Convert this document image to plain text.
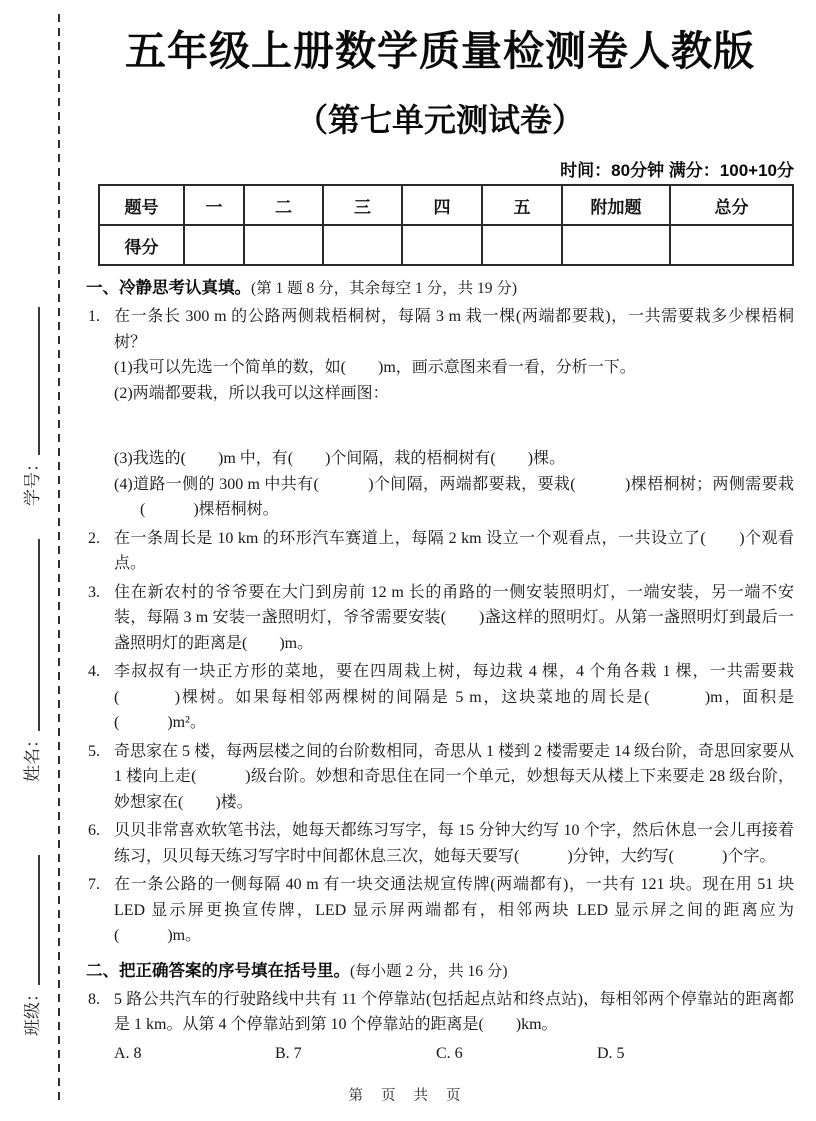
学号：
姓名：
班级：
五年级上册数学质量检测卷人教版
（第七单元测试卷）
时间：80分钟 满分：100+10分
题号	一	二	三	四	五	附加题	总分
得分							
一、冷静思考认真填。(第 1 题 8 分，其余每空 1 分，共 19 分)
1. 在一条长 300 m 的公路两侧栽梧桐树，每隔 3 m 栽一棵(两端都要栽)，一共需要栽多少棵梧桐树？
(1)我可以先选一个简单的数，如(　　)m，画示意图来看一看，分析一下。
(2)两端都要栽，所以我可以这样画图：
(3)我选的(　　)m 中，有(　　)个间隔，栽的梧桐树有(　　)棵。
(4)道路一侧的 300 m 中共有(　　　)个间隔，两端都要栽，要栽(　　　)棵梧桐树；两侧需要栽(　　　)棵梧桐树。
2. 在一条周长是 10 km 的环形汽车赛道上，每隔 2 km 设立一个观看点，一共设立了(　　)个观看点。
3. 住在新农村的爷爷要在大门到房前 12 m 长的甬路的一侧安装照明灯，一端安装，另一端不安装，每隔 3 m 安装一盏照明灯，爷爷需要安装(　　)盏这样的照明灯。从第一盏照明灯到最后一盏照明灯的距离是(　　)m。
4. 李叔叔有一块正方形的菜地，要在四周栽上树，每边栽 4 棵，4 个角各栽 1 棵，一共需要栽(　　　)棵树。如果每相邻两棵树的间隔是 5 m，这块菜地的周长是(　　　)m，面积是(　　　)m²。
5. 奇思家在 5 楼，每两层楼之间的台阶数相同，奇思从 1 楼到 2 楼需要走 14 级台阶，奇思回家要从 1 楼向上走(　　　)级台阶。妙想和奇思住在同一个单元，妙想每天从楼上下来要走 28 级台阶，妙想家在(　　)楼。
6. 贝贝非常喜欢软笔书法，她每天都练习写字，每 15 分钟大约写 10 个字，然后休息一会儿再接着练习，贝贝每天练习写字时中间都休息三次，她每天要写(　　　)分钟，大约写(　　　)个字。
7. 在一条公路的一侧每隔 40 m 有一块交通法规宣传牌(两端都有)，一共有 121 块。现在用 51 块 LED 显示屏更换宣传牌，LED 显示屏两端都有，相邻两块 LED 显示屏之间的距离应为(　　　)m。
二、把正确答案的序号填在括号里。(每小题 2 分，共 16 分)
8. 5 路公共汽车的行驶路线中共有 11 个停靠站(包括起点站和终点站)，每相邻两个停靠站的距离都是 1 km。从第 4 个停靠站到第 10 个停靠站的距离是(　　)km。
A. 8	B. 7	C. 6	D. 5
第 页 共 页
